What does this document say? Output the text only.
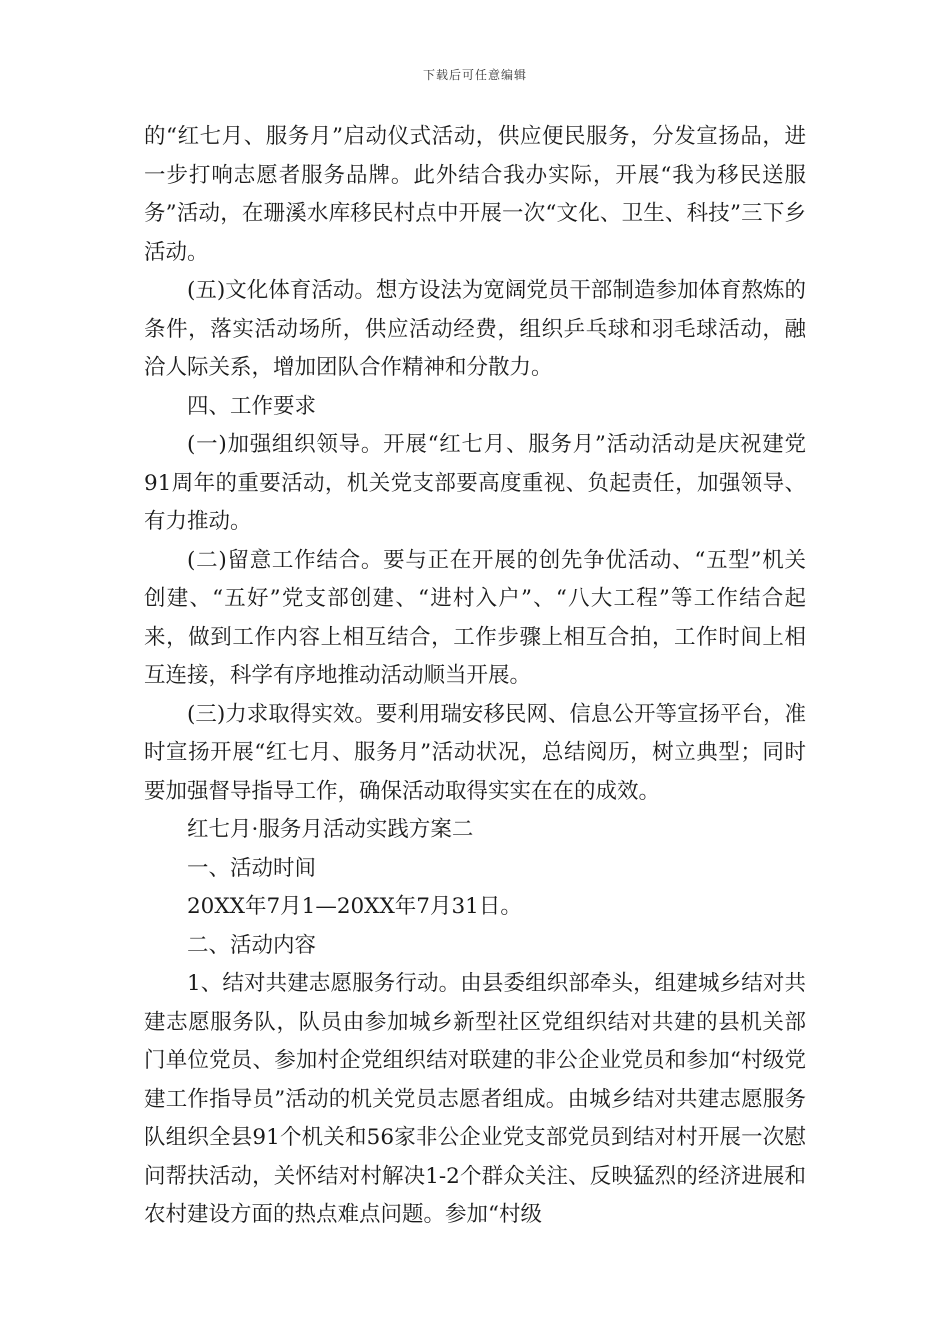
下载后可任意编辑

的“红七月、服务月”启动仪式活动，供应便民服务，分发宣扬品，进一步打响志愿者服务品牌。此外结合我办实际，开展“我为移民送服务”活动，在珊溪水库移民村点中开展一次“文化、卫生、科技”三下乡活动。

(五)文化体育活动。想方设法为宽阔党员干部制造参加体育熬炼的条件，落实活动场所，供应活动经费，组织乒乓球和羽毛球活动，融洽人际关系，增加团队合作精神和分散力。

四、工作要求

(一)加强组织领导。开展“红七月、服务月”活动活动是庆祝建党91周年的重要活动，机关党支部要高度重视、负起责任，加强领导、有力推动。

(二)留意工作结合。要与正在开展的创先争优活动、“五型”机关创建、“五好”党支部创建、“进村入户”、“八大工程”等工作结合起来，做到工作内容上相互结合，工作步骤上相互合拍，工作时间上相互连接，科学有序地推动活动顺当开展。

(三)力求取得实效。要利用瑞安移民网、信息公开等宣扬平台，准时宣扬开展“红七月、服务月”活动状况，总结阅历，树立典型；同时要加强督导指导工作，确保活动取得实实在在的成效。

红七月·服务月活动实践方案二

一、活动时间

20XX年7月1—20XX年7月31日。

二、活动内容

1、结对共建志愿服务行动。由县委组织部牵头，组建城乡结对共建志愿服务队，队员由参加城乡新型社区党组织结对共建的县机关部门单位党员、参加村企党组织结对联建的非公企业党员和参加“村级党建工作指导员”活动的机关党员志愿者组成。由城乡结对共建志愿服务队组织全县91个机关和56家非公企业党支部党员到结对村开展一次慰问帮扶活动，关怀结对村解决1-2个群众关注、反映猛烈的经济进展和农村建设方面的热点难点问题。参加“村级
